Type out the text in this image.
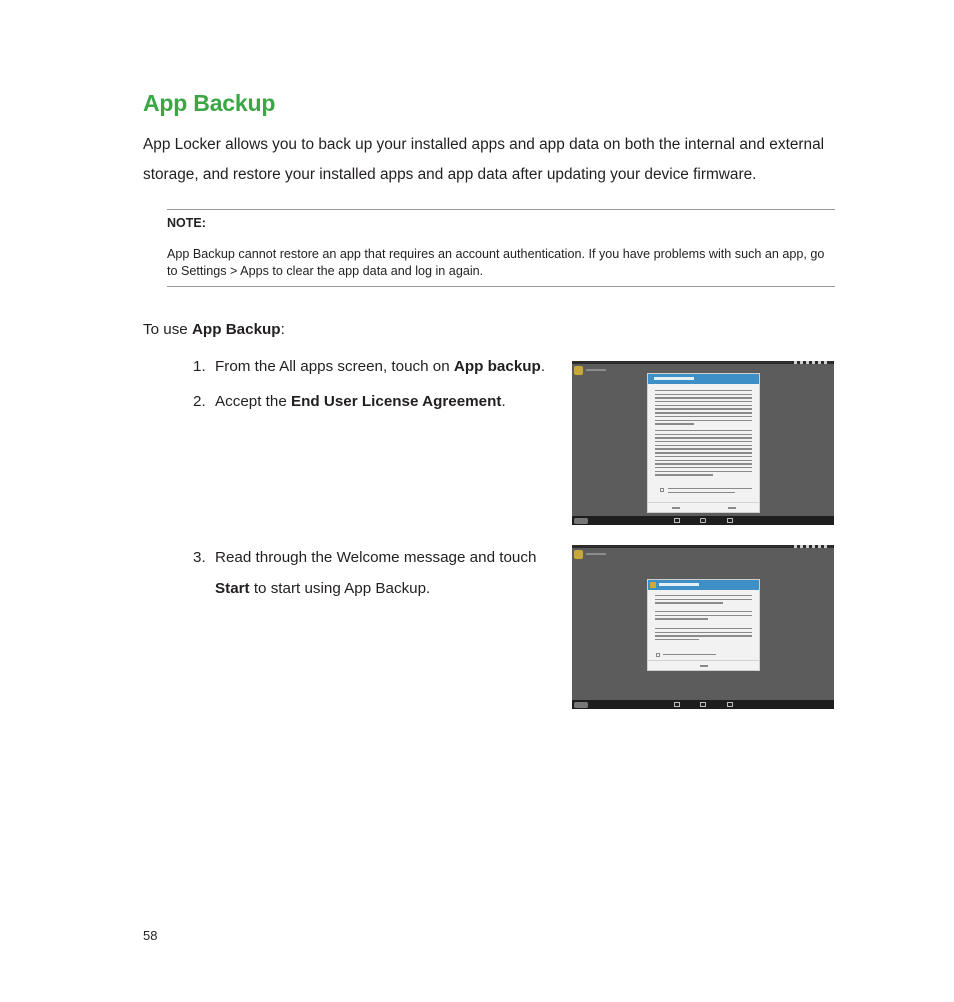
App Backup

App Locker allows you to back up your installed apps and app data on both the internal and external storage, and restore your installed apps and app data after updating your device firmware.

NOTE:

App Backup cannot restore an app that requires an account authentication. If you have problems with such an app, go to Settings > Apps to clear the app data and log in again.

To use App Backup:
1. From the All apps screen, touch on App backup.
2. Accept the End User License Agreement.
3. Read through the Welcome message and touch
Start to start using App Backup.
58
